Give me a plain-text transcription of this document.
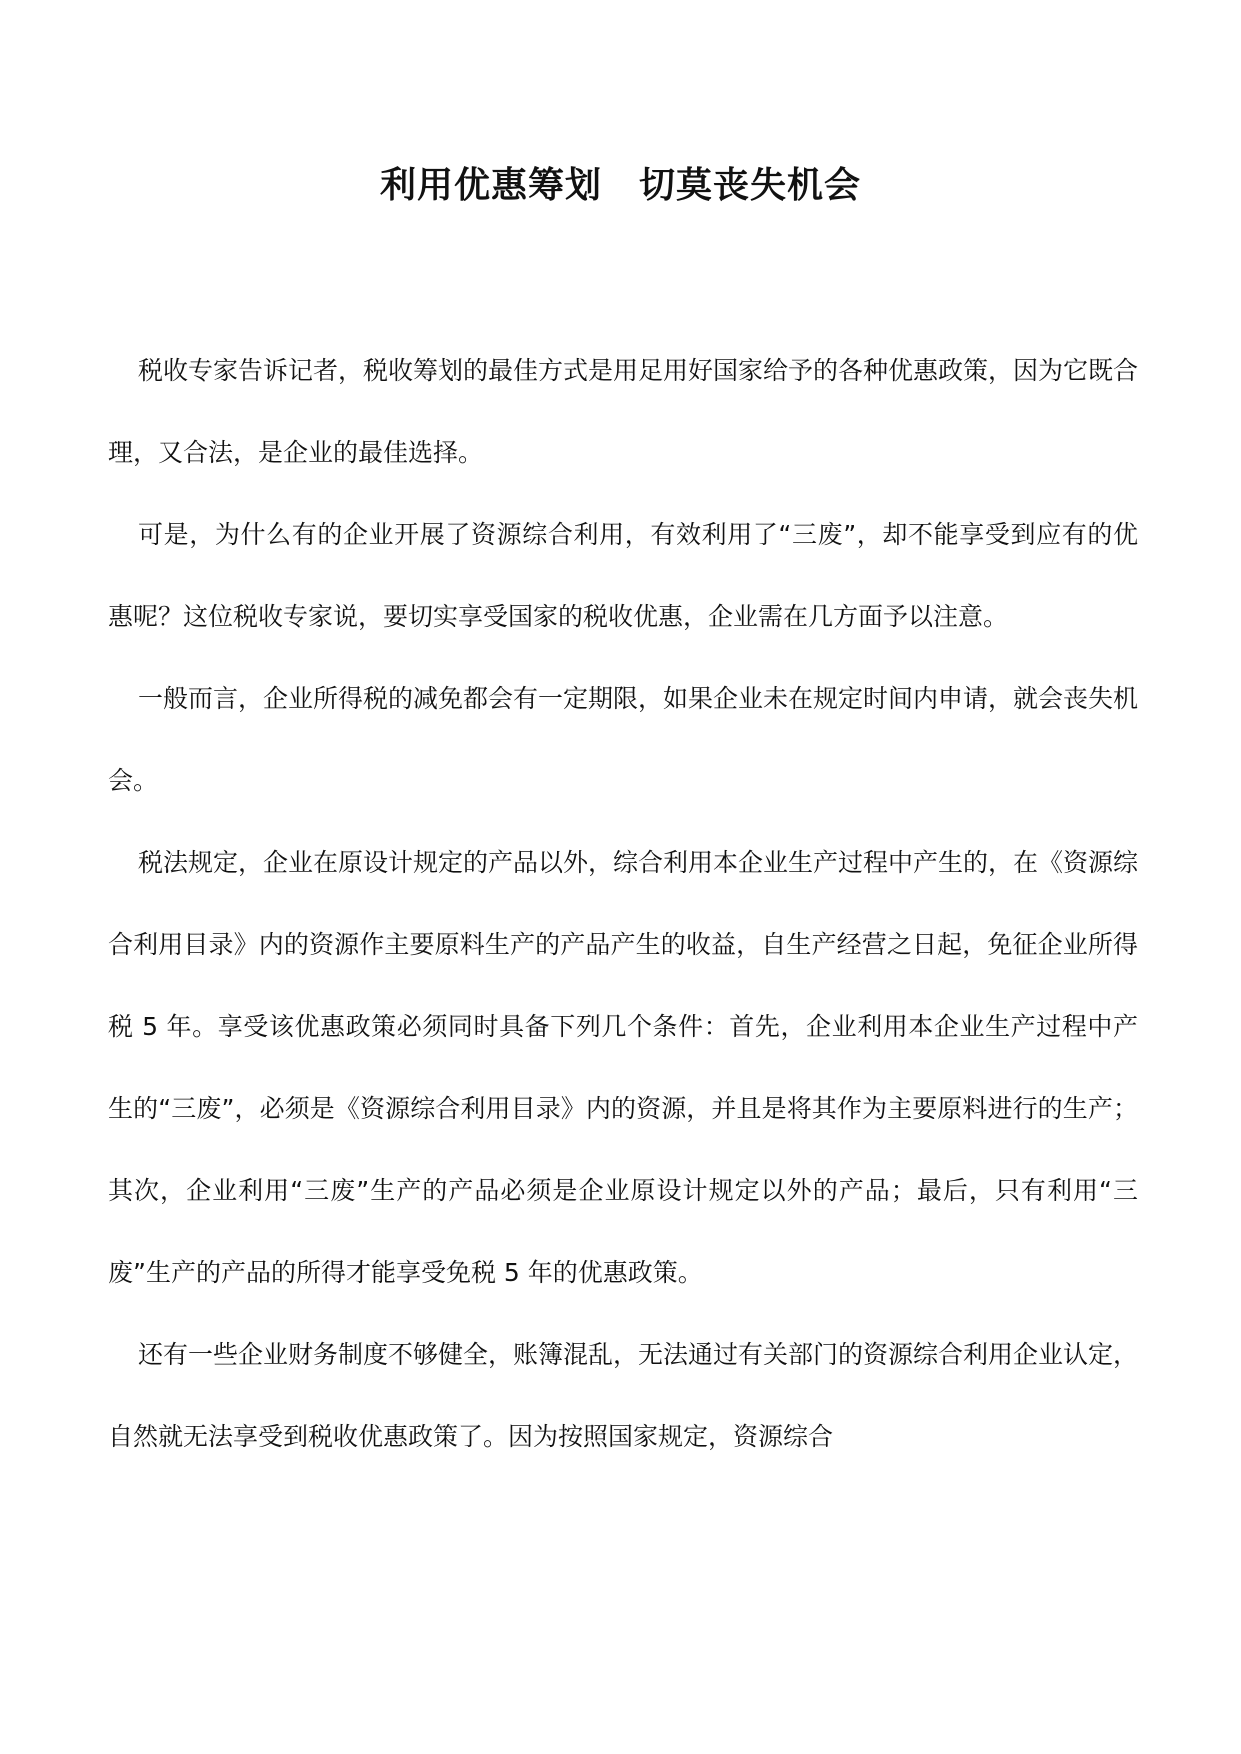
利用优惠筹划　切莫丧失机会

税收专家告诉记者，税收筹划的最佳方式是用足用好国家给予的各种优惠政策，因为它既合理，又合法，是企业的最佳选择。

可是，为什么有的企业开展了资源综合利用，有效利用了“三废”，却不能享受到应有的优惠呢？这位税收专家说，要切实享受国家的税收优惠，企业需在几方面予以注意。

一般而言，企业所得税的减免都会有一定期限，如果企业未在规定时间内申请，就会丧失机会。

税法规定，企业在原设计规定的产品以外，综合利用本企业生产过程中产生的，在《资源综合利用目录》内的资源作主要原料生产的产品产生的收益，自生产经营之日起，免征企业所得税 5 年。享受该优惠政策必须同时具备下列几个条件：首先，企业利用本企业生产过程中产生的“三废”，必须是《资源综合利用目录》内的资源，并且是将其作为主要原料进行的生产；其次，企业利用“三废”生产的产品必须是企业原设计规定以外的产品；最后，只有利用“三废”生产的产品的所得才能享受免税 5 年的优惠政策。

还有一些企业财务制度不够健全，账簿混乱，无法通过有关部门的资源综合利用企业认定，自然就无法享受到税收优惠政策了。因为按照国家规定，资源综合
